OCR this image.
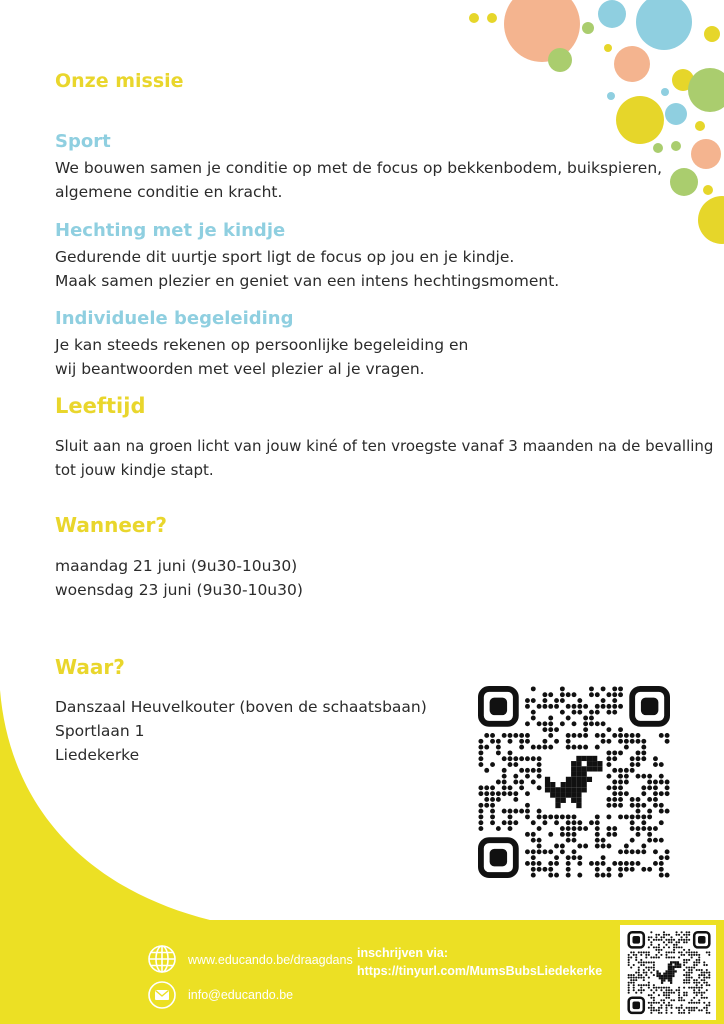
Onze missie
Sport
We bouwen samen je conditie op met de focus op bekkenbodem, buikspieren,
algemene conditie en kracht.
Hechting met je kindje
Gedurende dit uurtje sport ligt de focus op jou en je kindje.
Maak samen plezier en geniet van een intens hechtingsmoment.
Individuele begeleiding
Je kan steeds rekenen op persoonlijke begeleiding en
wij beantwoorden met veel plezier al je vragen.
Leeftijd
Sluit aan na groen licht van jouw kiné of ten vroegste vanaf 3 maanden na de bevalling
tot jouw kindje stapt.
Wanneer?
maandag 21 juni (9u30-10u30)
woensdag 23 juni (9u30-10u30)
Waar?
Danszaal Heuvelkouter (boven de schaatsbaan)
Sportlaan 1
Liedekerke
www.educando.be/draagdans
info@educando.be
inschrijven via:
https://tinyurl.com/MumsBubsLiedekerke
